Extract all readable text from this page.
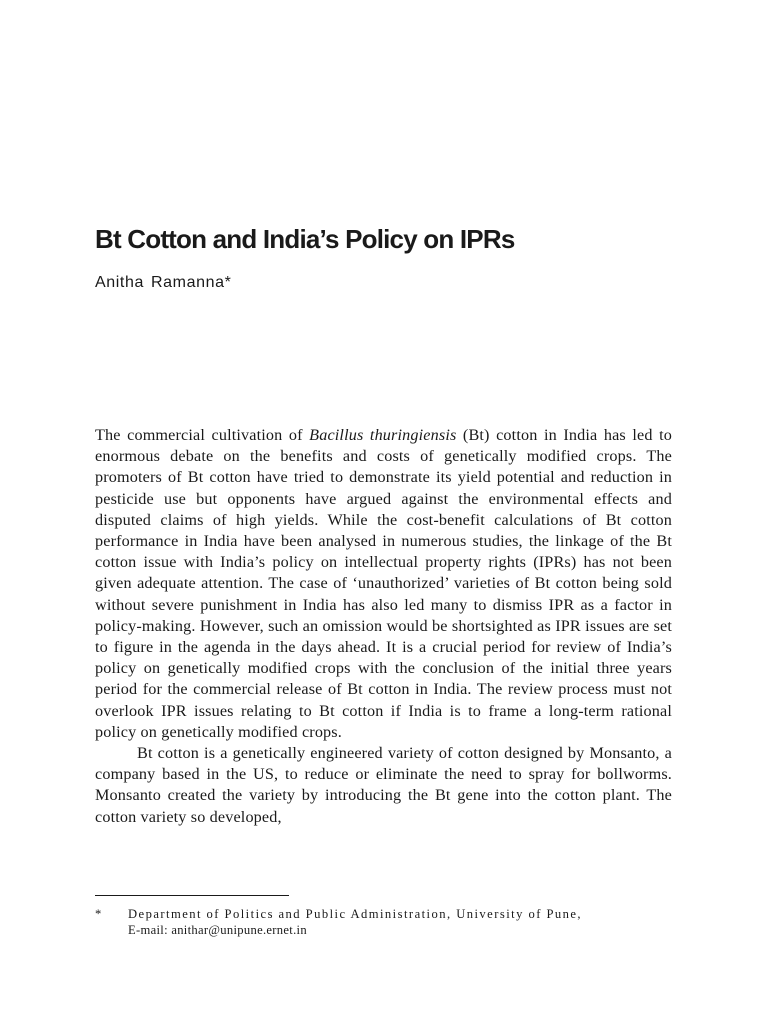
Bt Cotton and India’s Policy on IPRs
Anitha Ramanna*

The commercial cultivation of Bacillus thuringiensis (Bt) cotton in India has led to enormous debate on the benefits and costs of genetically modified crops. The promoters of Bt cotton have tried to demonstrate its yield potential and reduction in pesticide use but opponents have argued against the environmental effects and disputed claims of high yields. While the cost-benefit calculations of Bt cotton performance in India have been analysed in numerous studies, the linkage of the Bt cotton issue with India’s policy on intellectual property rights (IPRs) has not been given adequate attention. The case of ‘unauthorized’ varieties of Bt cotton being sold without severe punishment in India has also led many to dismiss IPR as a factor in policy-making. However, such an omission would be shortsighted as IPR issues are set to figure in the agenda in the days ahead. It is a crucial period for review of India’s policy on genetically modified crops with the conclusion of the initial three years period for the commercial release of Bt cotton in India. The review process must not overlook IPR issues relating to Bt cotton if India is to frame a long-term rational policy on genetically modified crops.

Bt cotton is a genetically engineered variety of cotton designed by Monsanto, a company based in the US, to reduce or eliminate the need to spray for bollworms. Monsanto created the variety by introducing the Bt gene into the cotton plant. The cotton variety so developed,

* Department of Politics and Public Administration, University of Pune,
E-mail: anithar@unipune.ernet.in
